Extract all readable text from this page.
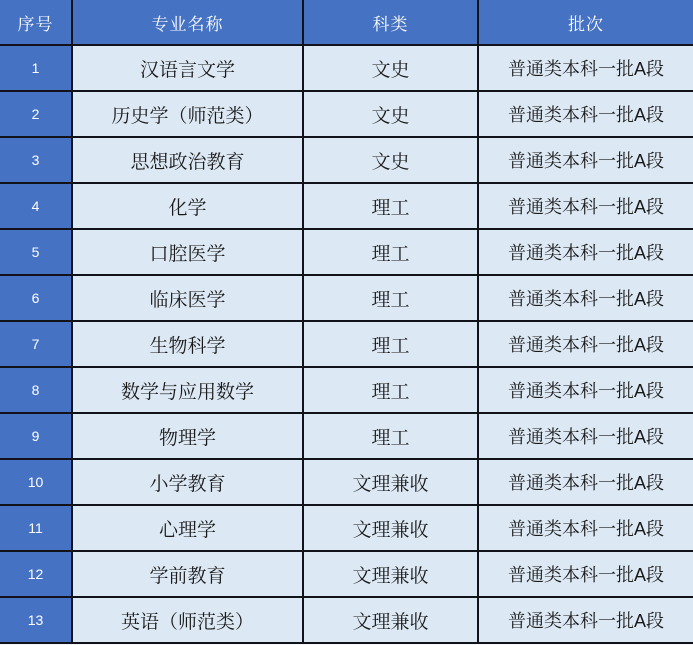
序号	专业名称	科类	批次
1	汉语言文学	文史	普通类本科一批A段
2	历史学（师范类）	文史	普通类本科一批A段
3	思想政治教育	文史	普通类本科一批A段
4	化学	理工	普通类本科一批A段
5	口腔医学	理工	普通类本科一批A段
6	临床医学	理工	普通类本科一批A段
7	生物科学	理工	普通类本科一批A段
8	数学与应用数学	理工	普通类本科一批A段
9	物理学	理工	普通类本科一批A段
10	小学教育	文理兼收	普通类本科一批A段
11	心理学	文理兼收	普通类本科一批A段
12	学前教育	文理兼收	普通类本科一批A段
13	英语（师范类）	文理兼收	普通类本科一批A段
